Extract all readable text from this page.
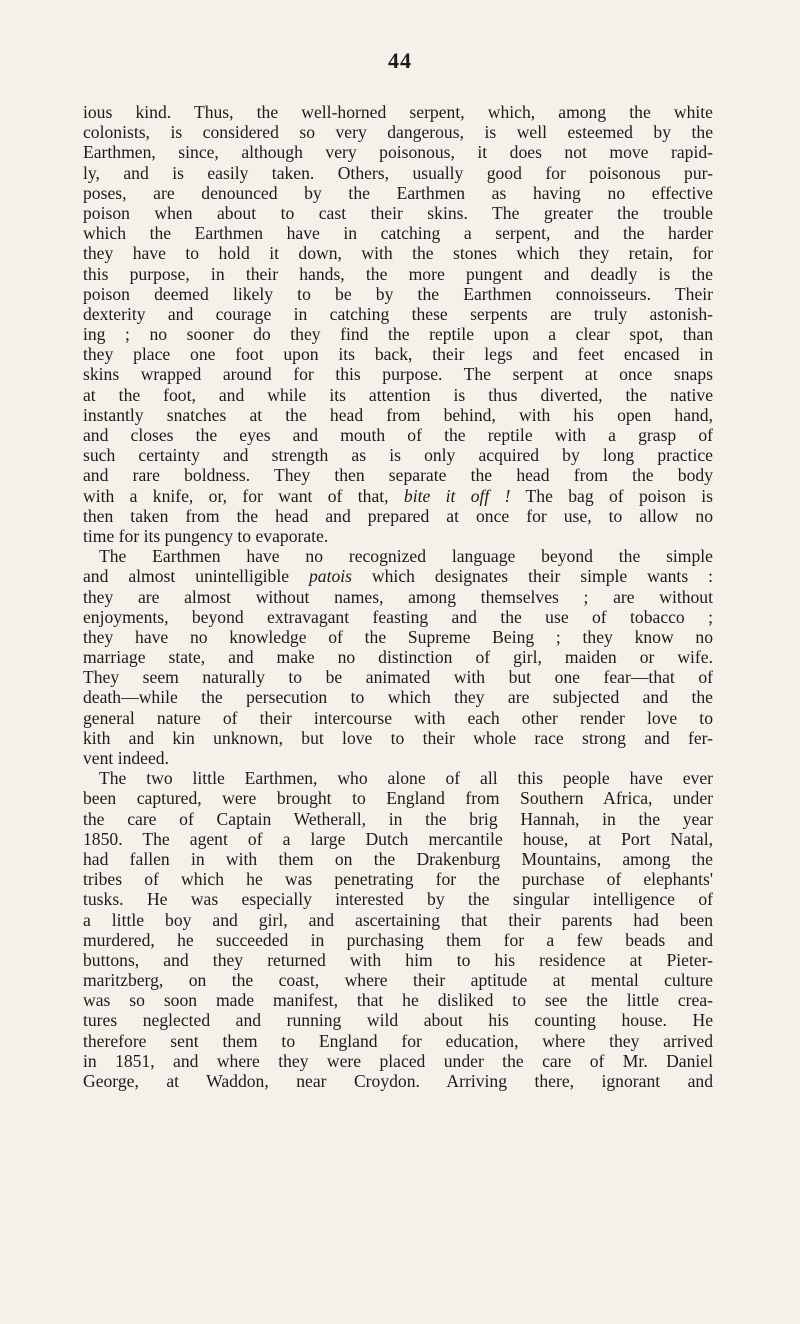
44
ious kind. Thus, the well-horned serpent, which, among the white
colonists, is considered so very dangerous, is well esteemed by the
Earthmen, since, although very poisonous, it does not move rapid-
ly, and is easily taken. Others, usually good for poisonous pur-
poses, are denounced by the Earthmen as having no effective
poison when about to cast their skins. The greater the trouble
which the Earthmen have in catching a serpent, and the harder
they have to hold it down, with the stones which they retain, for
this purpose, in their hands, the more pungent and deadly is the
poison deemed likely to be by the Earthmen connoisseurs. Their
dexterity and courage in catching these serpents are truly astonish-
ing ; no sooner do they find the reptile upon a clear spot, than
they place one foot upon its back, their legs and feet encased in
skins wrapped around for this purpose. The serpent at once snaps
at the foot, and while its attention is thus diverted, the native
instantly snatches at the head from behind, with his open hand,
and closes the eyes and mouth of the reptile with a grasp of
such certainty and strength as is only acquired by long practice
and rare boldness. They then separate the head from the body
with a knife, or, for want of that, bite it off ! The bag of poison is
then taken from the head and prepared at once for use, to allow no
time for its pungency to evaporate.
The Earthmen have no recognized language beyond the simple
and almost unintelligible patois which designates their simple wants :
they are almost without names, among themselves ; are without
enjoyments, beyond extravagant feasting and the use of tobacco ;
they have no knowledge of the Supreme Being ; they know no
marriage state, and make no distinction of girl, maiden or wife.
They seem naturally to be animated with but one fear—that of
death—while the persecution to which they are subjected and the
general nature of their intercourse with each other render love to
kith and kin unknown, but love to their whole race strong and fer-
vent indeed.
The two little Earthmen, who alone of all this people have ever
been captured, were brought to England from Southern Africa, under
the care of Captain Wetherall, in the brig Hannah, in the year
1850. The agent of a large Dutch mercantile house, at Port Natal,
had fallen in with them on the Drakenburg Mountains, among the
tribes of which he was penetrating for the purchase of elephants'
tusks. He was especially interested by the singular intelligence of
a little boy and girl, and ascertaining that their parents had been
murdered, he succeeded in purchasing them for a few beads and
buttons, and they returned with him to his residence at Pieter-
maritzberg, on the coast, where their aptitude at mental culture
was so soon made manifest, that he disliked to see the little crea-
tures neglected and running wild about his counting house. He
therefore sent them to England for education, where they arrived
in 1851, and where they were placed under the care of Mr. Daniel
George, at Waddon, near Croydon. Arriving there, ignorant and
